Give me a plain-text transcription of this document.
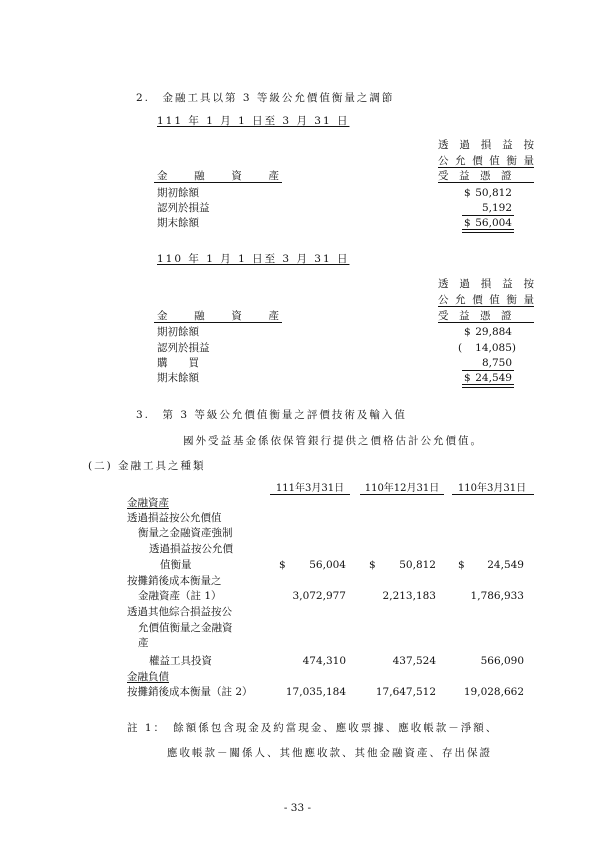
2.　金融工具以第 3 等級公允價值衡量之調節
111 年 1 月 1 日至 3 月 31 日
透 過 損 益 按
公 允 價 值 衡 量
受　益　憑　證
金	融	資	產
期初餘額	$ 50,812
認列於損益	5,192
期末餘額	$ 56,004
110 年 1 月 1 日至 3 月 31 日
透 過 損 益 按
公 允 價 值 衡 量
受　益　憑　證
金	融	資	產
期初餘額	$ 29,884
認列於損益	(	14,085)
購　　買	8,750
期末餘額	$ 24,549
3.　第 3 等級公允價值衡量之評價技術及輸入值
國外受益基金係依保管銀行提供之價格估計公允價值。
(二) 金融工具之種類
111年3月31日	110年12月31日	110年3月31日
金融資產
透過損益按公允價值
衡量之金融資產強制
透過損益按公允價
值衡量	$	56,004 $	50,812 $	24,549
按攤銷後成本衡量之
金融資產（註 1）	3,072,977	2,213,183	1,786,933
透過其他綜合損益按公
允價值衡量之金融資
產
權益工具投資	474,310	437,524	566,090
金融負債
按攤銷後成本衡量（註 2）	17,035,184	17,647,512	19,028,662
註 1：　餘額係包含現金及約當現金、應收票據、應收帳款－淨額、
應收帳款－關係人、其他應收款、其他金融資產、存出保證
- 33 -
